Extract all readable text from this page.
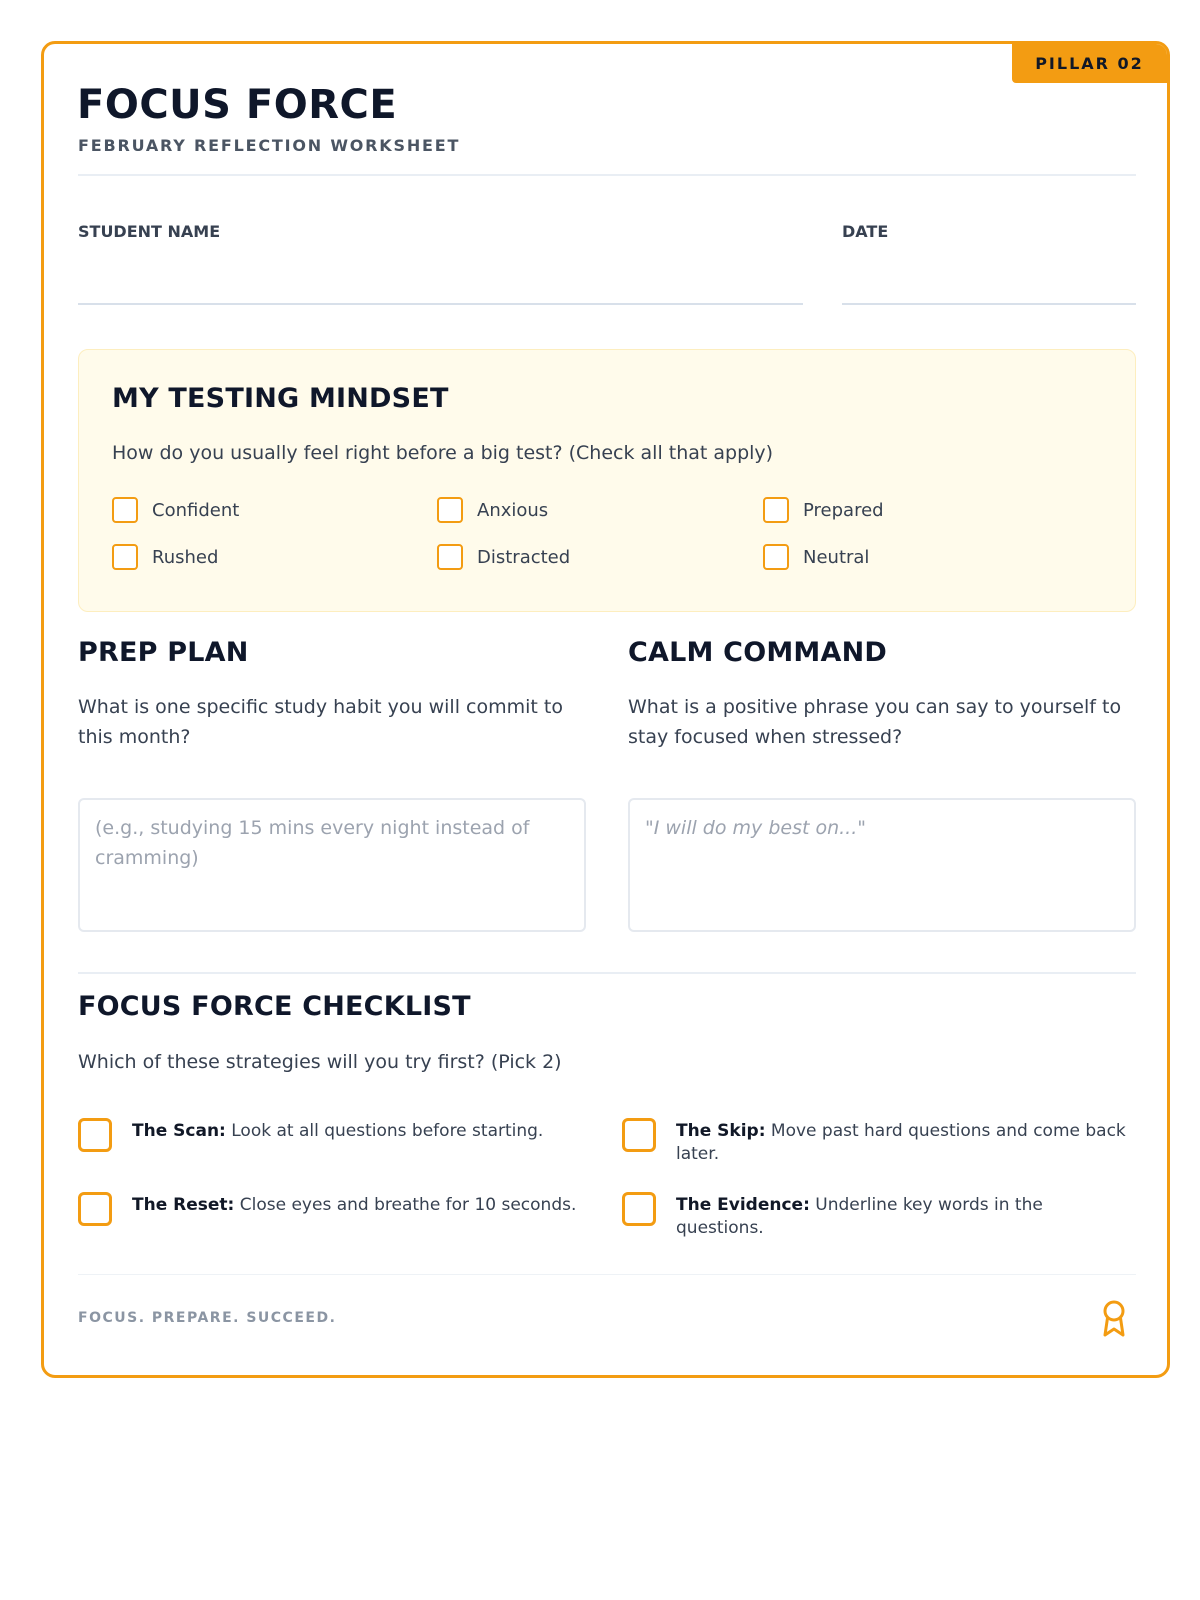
PILLAR 02
FOCUS FORCE
FEBRUARY REFLECTION WORKSHEET
STUDENT NAME	DATE
MY TESTING MINDSET
How do you usually feel right before a big test? (Check all that apply)
Confident	Anxious	Prepared
Rushed	Distracted	Neutral
PREP PLAN
What is one specific study habit you will commit to this month?
(e.g., studying 15 mins every night instead of cramming)
CALM COMMAND
What is a positive phrase you can say to yourself to stay focused when stressed?
"I will do my best on..."
FOCUS FORCE CHECKLIST
Which of these strategies will you try first? (Pick 2)
The Scan: Look at all questions before starting.	The Skip: Move past hard questions and come back later.
The Reset: Close eyes and breathe for 10 seconds.	The Evidence: Underline key words in the questions.
FOCUS. PREPARE. SUCCEED.
